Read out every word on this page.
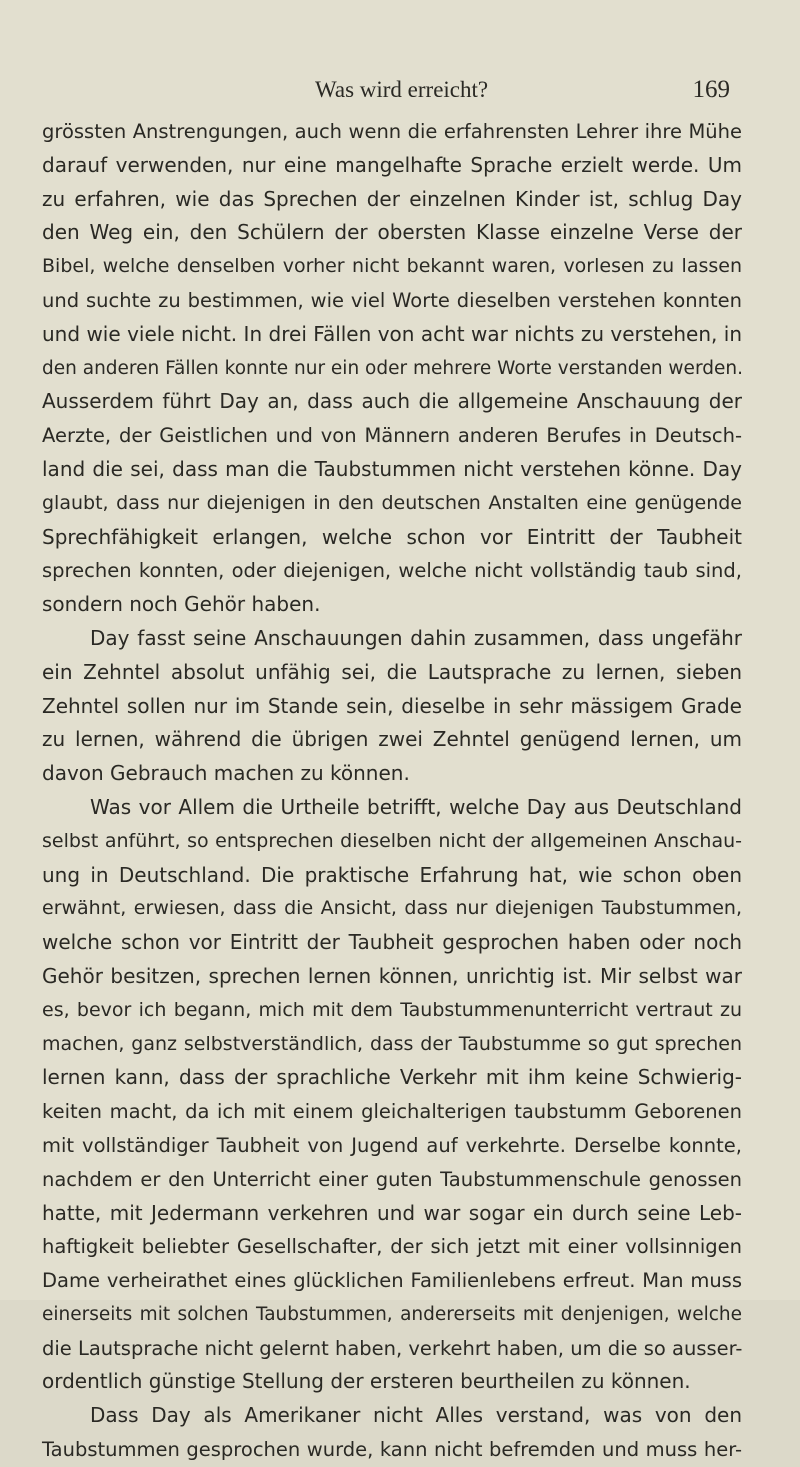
Was wird erreicht?	169
grössten Anstrengungen, auch wenn die erfahrensten Lehrer ihre Mühe
darauf verwenden, nur eine mangelhafte Sprache erzielt werde. Um
zu erfahren, wie das Sprechen der einzelnen Kinder ist, schlug Day
den Weg ein, den Schülern der obersten Klasse einzelne Verse der
Bibel, welche denselben vorher nicht bekannt waren, vorlesen zu lassen
und suchte zu bestimmen, wie viel Worte dieselben verstehen konnten
und wie viele nicht. In drei Fällen von acht war nichts zu verstehen, in
den anderen Fällen konnte nur ein oder mehrere Worte verstanden werden.
Ausserdem führt Day an, dass auch die allgemeine Anschauung der
Aerzte, der Geistlichen und von Männern anderen Berufes in Deutsch-
land die sei, dass man die Taubstummen nicht verstehen könne. Day
glaubt, dass nur diejenigen in den deutschen Anstalten eine genügende
Sprechfähigkeit erlangen, welche schon vor Eintritt der Taubheit
sprechen konnten, oder diejenigen, welche nicht vollständig taub sind,
sondern noch Gehör haben.
Day fasst seine Anschauungen dahin zusammen, dass ungefähr
ein Zehntel absolut unfähig sei, die Lautsprache zu lernen, sieben
Zehntel sollen nur im Stande sein, dieselbe in sehr mässigem Grade
zu lernen, während die übrigen zwei Zehntel genügend lernen, um
davon Gebrauch machen zu können.
Was vor Allem die Urtheile betrifft, welche Day aus Deutschland
selbst anführt, so entsprechen dieselben nicht der allgemeinen Anschau-
ung in Deutschland. Die praktische Erfahrung hat, wie schon oben
erwähnt, erwiesen, dass die Ansicht, dass nur diejenigen Taubstummen,
welche schon vor Eintritt der Taubheit gesprochen haben oder noch
Gehör besitzen, sprechen lernen können, unrichtig ist. Mir selbst war
es, bevor ich begann, mich mit dem Taubstummenunterricht vertraut zu
machen, ganz selbstverständlich, dass der Taubstumme so gut sprechen
lernen kann, dass der sprachliche Verkehr mit ihm keine Schwierig-
keiten macht, da ich mit einem gleichalterigen taubstumm Geborenen
mit vollständiger Taubheit von Jugend auf verkehrte. Derselbe konnte,
nachdem er den Unterricht einer guten Taubstummenschule genossen
hatte, mit Jedermann verkehren und war sogar ein durch seine Leb-
haftigkeit beliebter Gesellschafter, der sich jetzt mit einer vollsinnigen
Dame verheirathet eines glücklichen Familienlebens erfreut. Man muss
einerseits mit solchen Taubstummen, andererseits mit denjenigen, welche
die Lautsprache nicht gelernt haben, verkehrt haben, um die so ausser-
ordentlich günstige Stellung der ersteren beurtheilen zu können.
Dass Day als Amerikaner nicht Alles verstand, was von den
Taubstummen gesprochen wurde, kann nicht befremden und muss her-
